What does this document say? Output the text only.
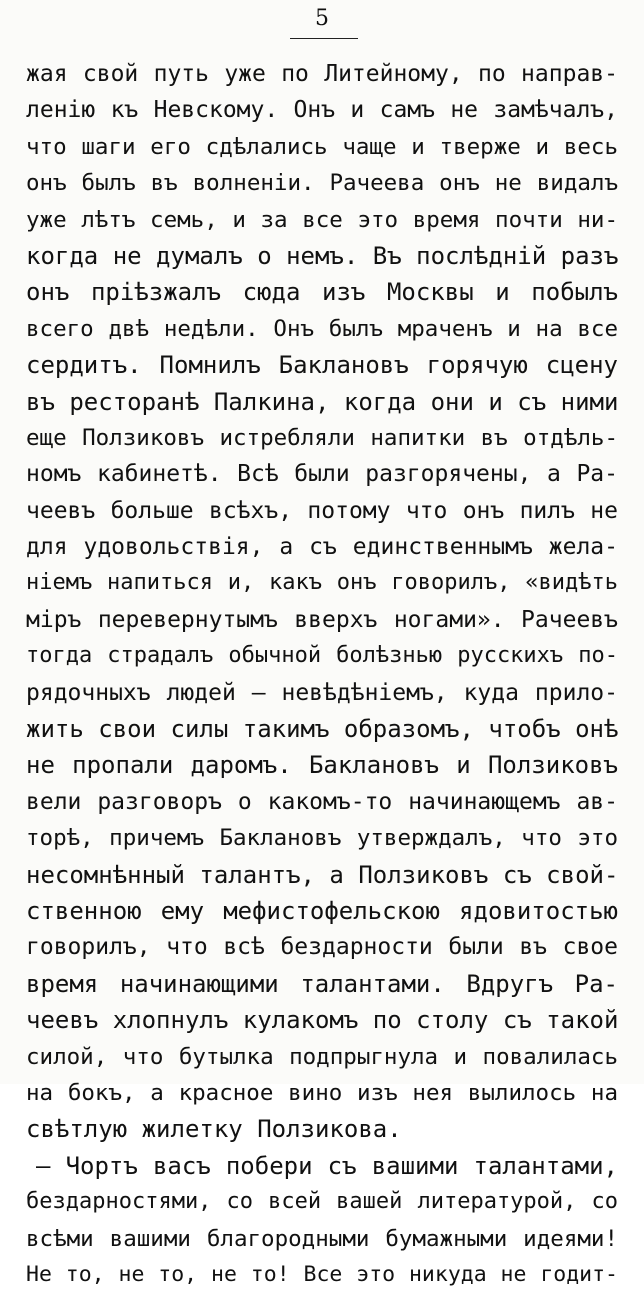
5
жая свой путь уже по Литейному, по направ-
ленію къ Невскому. Онъ и самъ не замѣчалъ,
что шаги его сдѣлались чаще и тверже и весь
онъ былъ въ волненіи. Рачеева онъ не видалъ
уже лѣтъ семь, и за все это время почти ни-
когда не думалъ о немъ. Въ послѣдній разъ
онъ пріѣзжалъ сюда изъ Москвы и побылъ
всего двѣ недѣли. Онъ былъ мраченъ и на все
сердитъ. Помнилъ Баклановъ горячую сцену
въ ресторанѣ Палкина, когда они и съ ними
еще Ползиковъ истребляли напитки въ отдѣль-
номъ кабинетѣ. Всѣ были разгорячены, а Ра-
чеевъ больше всѣхъ, потому что онъ пилъ не
для удовольствія, а съ единственнымъ жела-
ніемъ напиться и, какъ онъ говорилъ, «видѣть
міръ перевернутымъ вверхъ ногами». Рачеевъ
тогда страдалъ обычной болѣзнью русскихъ по-
рядочныхъ людей — невѣдѣніемъ, куда прило-
жить свои силы такимъ образомъ, чтобъ онѣ
не пропали даромъ. Баклановъ и Ползиковъ
вели разговоръ о какомъ-то начинающемъ ав-
торѣ, причемъ Баклановъ утверждалъ, что это
несомнѣнный талантъ, а Ползиковъ съ свой-
ственною ему мефистофельскою ядовитостью
говорилъ, что всѣ бездарности были въ свое
время начинающими талантами. Вдругъ Ра-
чеевъ хлопнулъ кулакомъ по столу съ такой
силой, что бутылка подпрыгнула и повалилась
на бокъ, а красное вино изъ нея вылилось на
свѣтлую жилетку Ползикова.
— Чортъ васъ побери съ вашими талантами,
бездарностями, со всей вашей литературой, со
всѣми вашими благородными бумажными идеями!
Не то, не то, не то! Все это никуда не годит-
